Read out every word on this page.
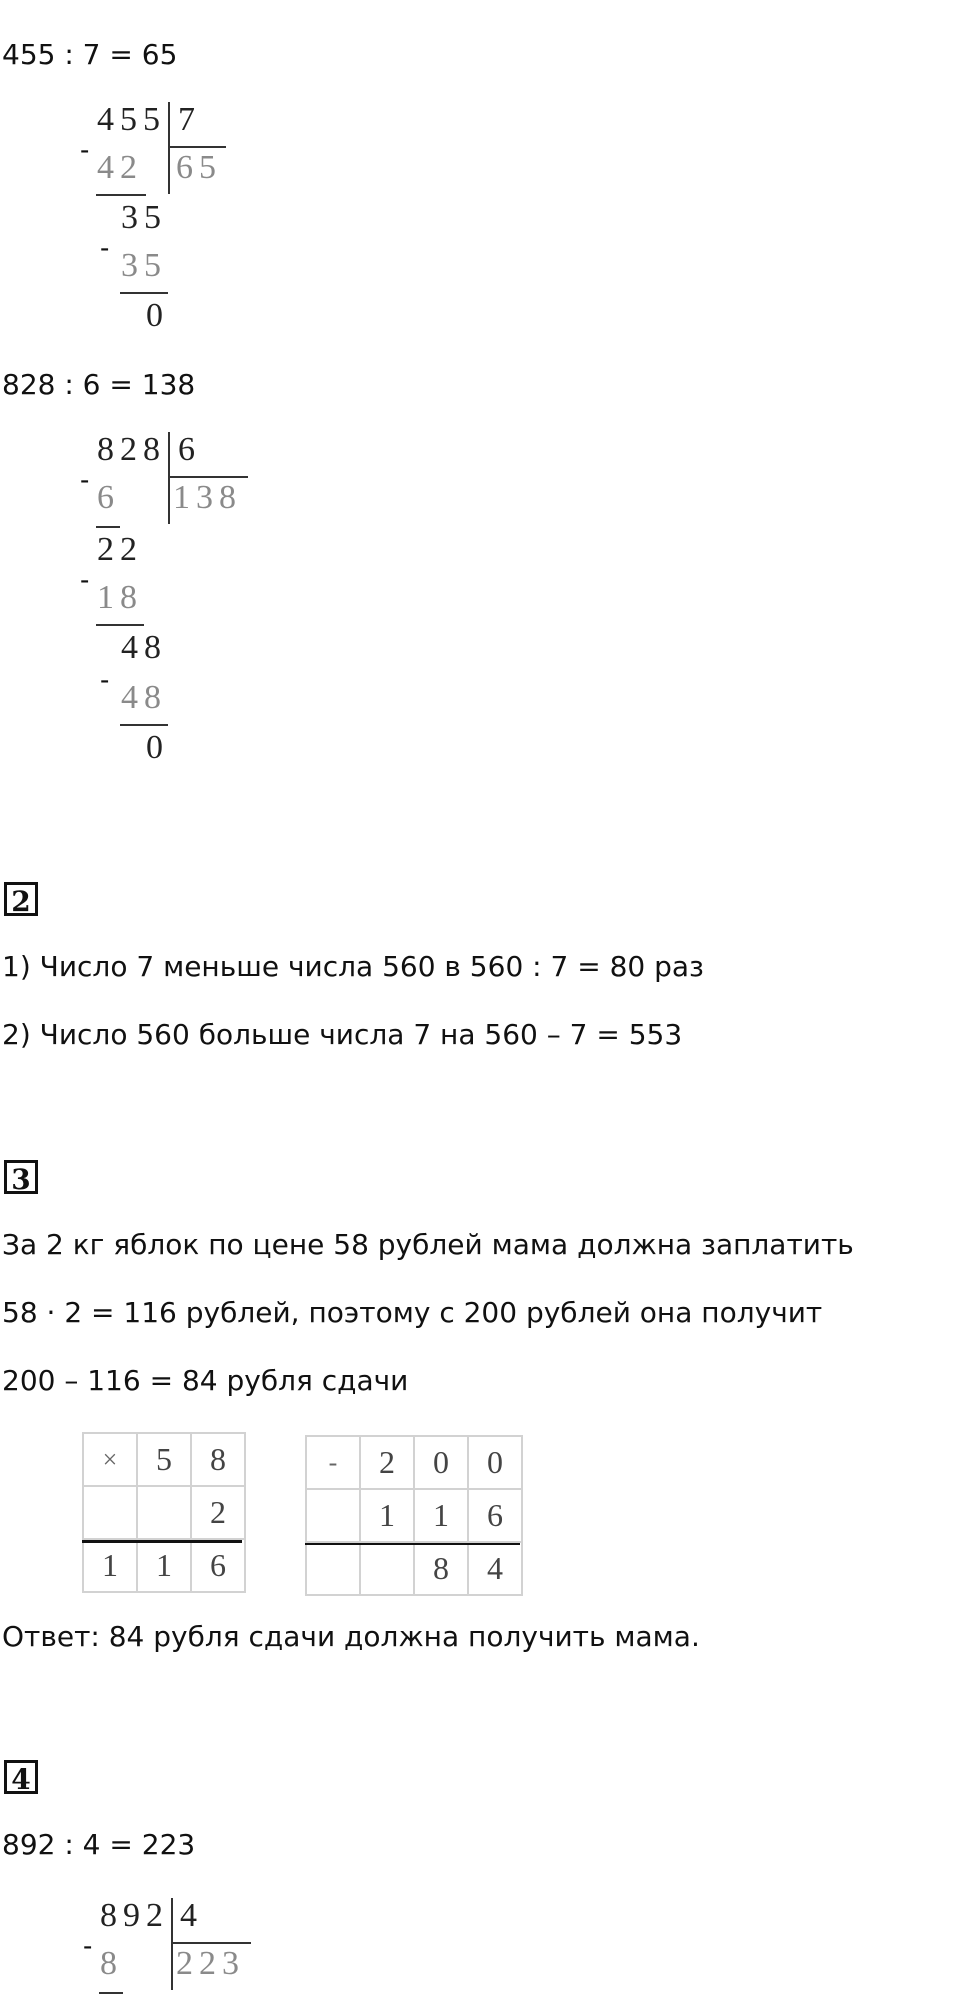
455 : 7 = 65
455 7
65
- 42
35
- 35
0
828 : 6 = 138
828 6
138
- 6
22
- 18
48
- 48
0
2
1) Число 7 меньше числа 560 в 560 : 7 = 80 раз
2) Число 560 больше числа 7 на 560 – 7 = 553
3
За 2 кг яблок по цене 58 рублей мама должна заплатить
58 · 2 = 116 рублей, поэтому с 200 рублей она получит
200 – 116 = 84 рубля сдачи
×	5	8
		2
1	1	6
-	2	0	0
	1	1	6
		8	4
Ответ: 84 рубля сдачи должна получить мама.
4
892 : 4 = 223
892 4
223
- 8
